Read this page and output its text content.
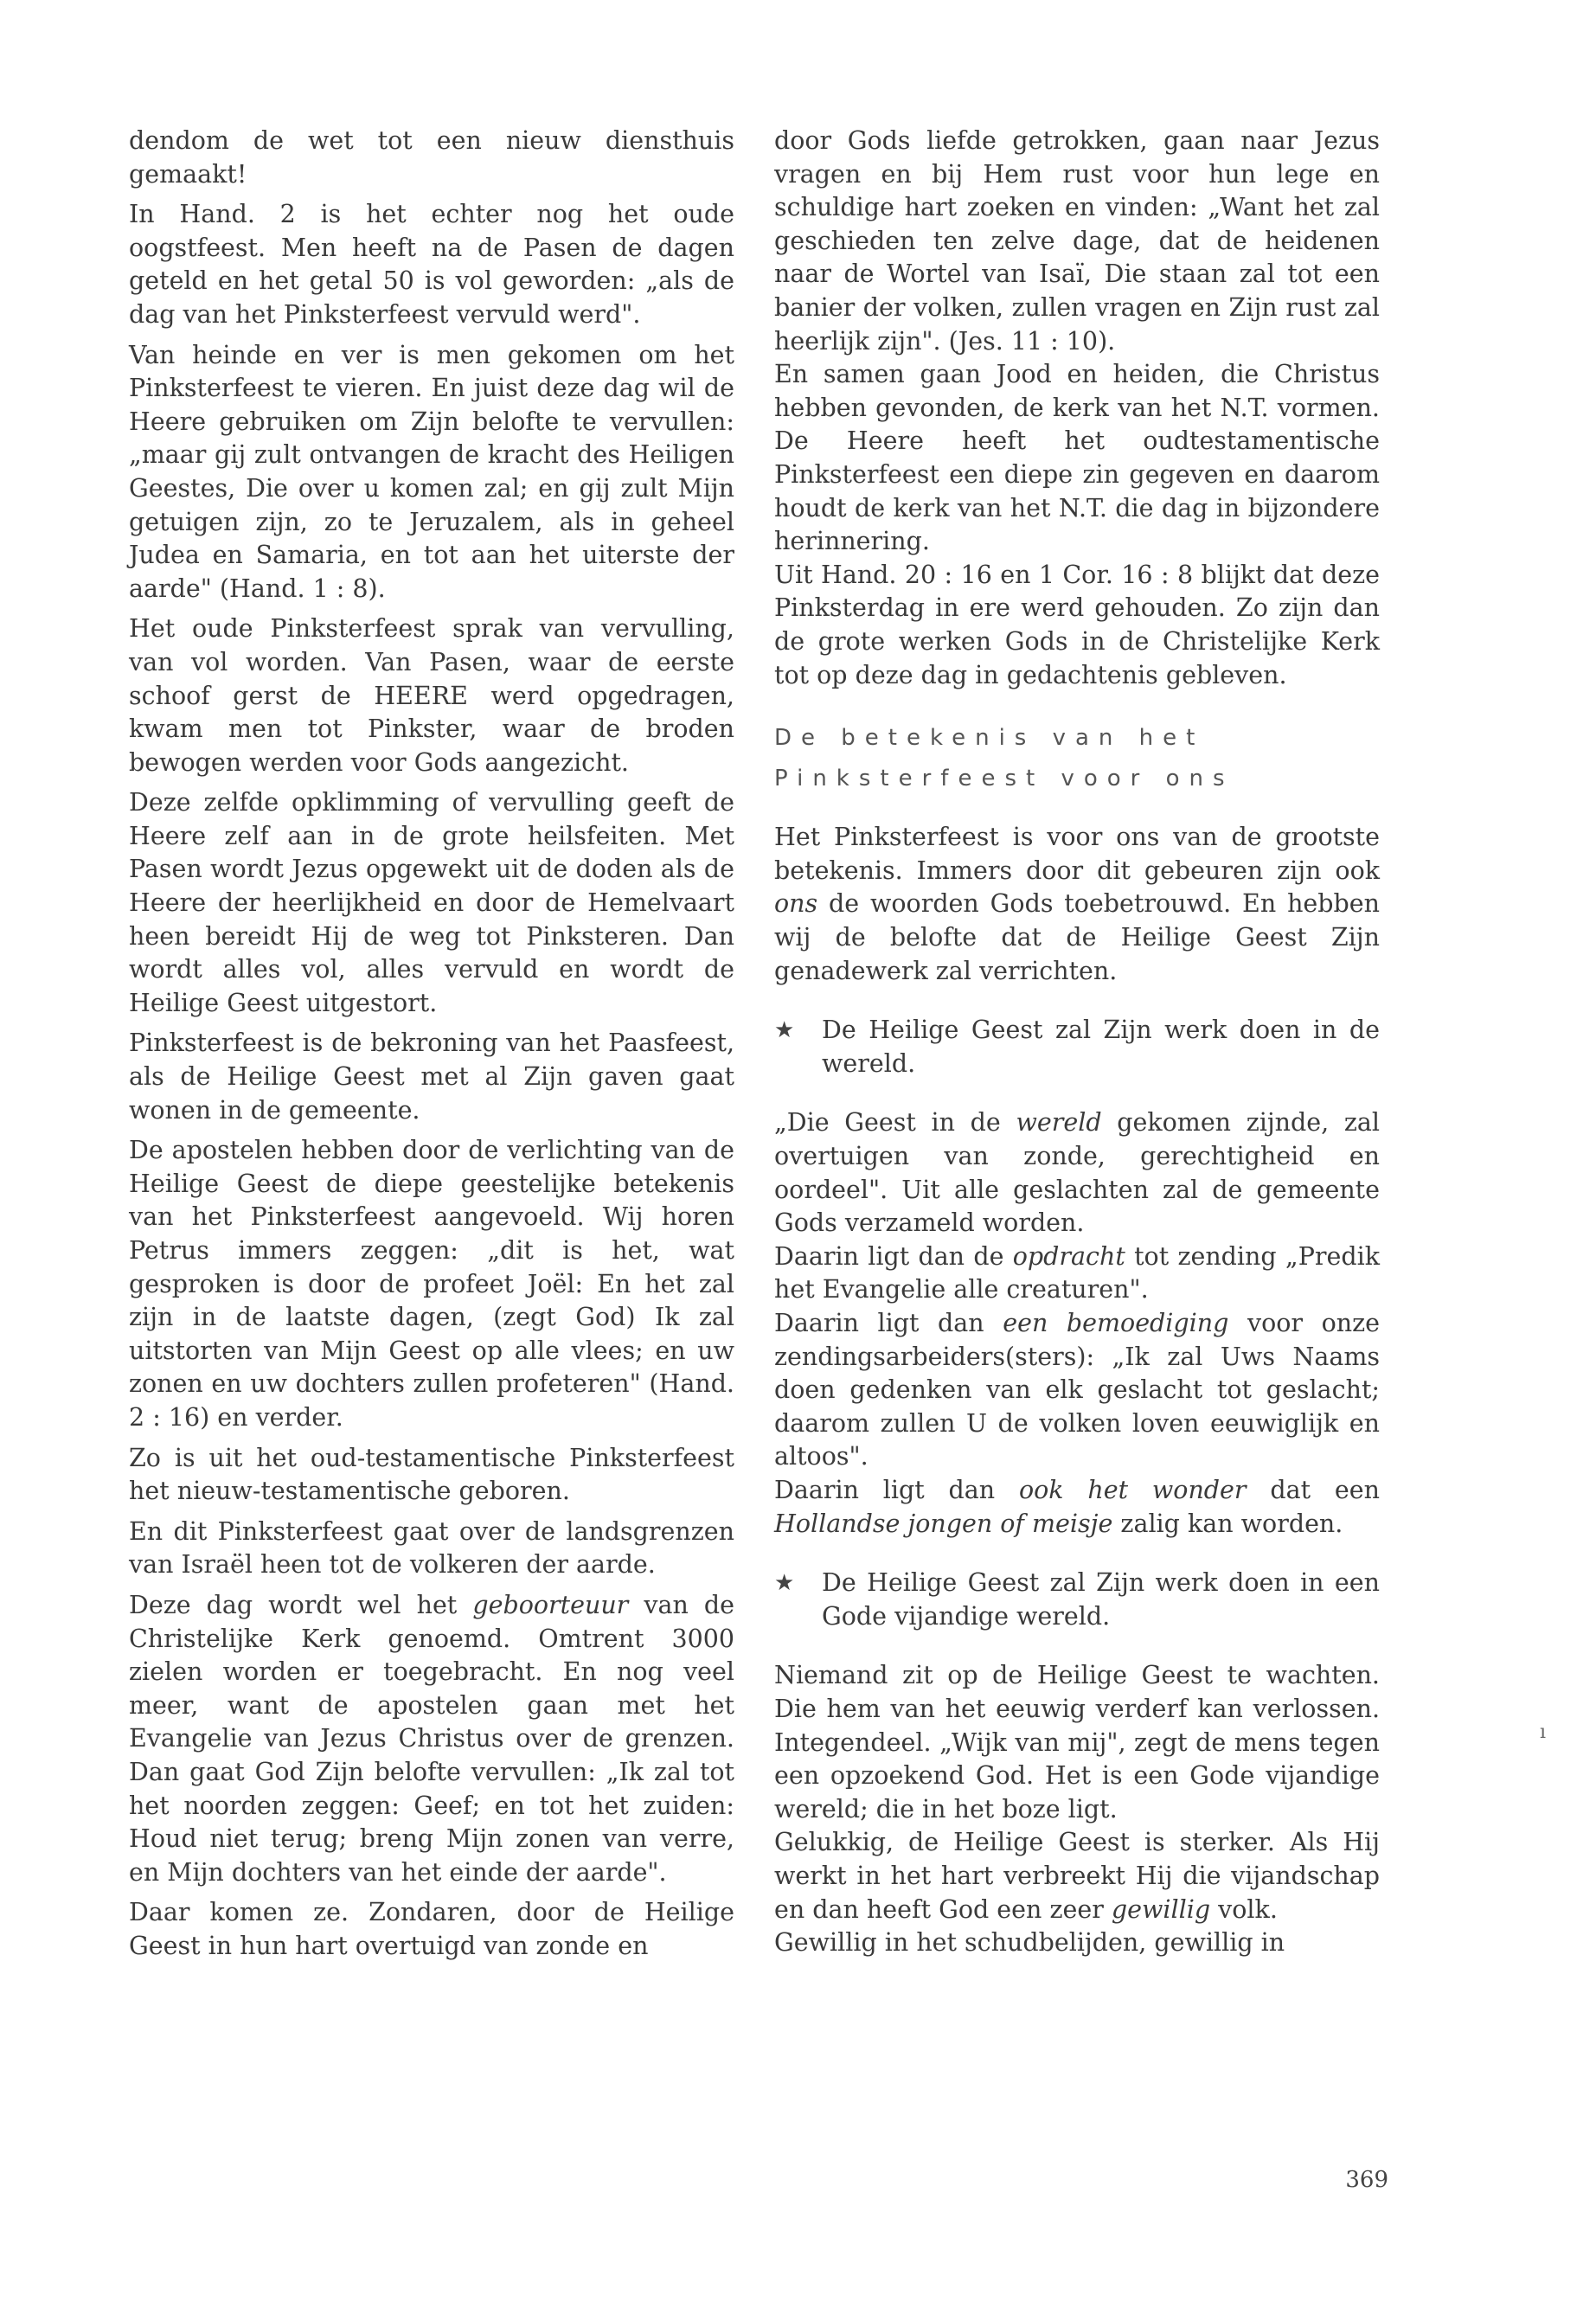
dendom de wet tot een nieuw diensthuis gemaakt!

In Hand. 2 is het echter nog het oude oogstfeest. Men heeft na de Pasen de dagen geteld en het getal 50 is vol geworden: „als de dag van het Pinksterfeest vervuld werd".

Van heinde en ver is men gekomen om het Pinksterfeest te vieren. En juist deze dag wil de Heere gebruiken om Zijn belofte te vervullen: „maar gij zult ontvangen de kracht des Heiligen Geestes, Die over u komen zal; en gij zult Mijn getuigen zijn, zo te Jeruzalem, als in geheel Judea en Samaria, en tot aan het uiterste der aarde" (Hand. 1 : 8).

Het oude Pinksterfeest sprak van vervulling, van vol worden. Van Pasen, waar de eerste schoof gerst de HEERE werd opgedragen, kwam men tot Pinkster, waar de broden bewogen werden voor Gods aangezicht.

Deze zelfde opklimming of vervulling geeft de Heere zelf aan in de grote heilsfeiten. Met Pasen wordt Jezus opgewekt uit de doden als de Heere der heerlijkheid en door de Hemelvaart heen bereidt Hij de weg tot Pinksteren. Dan wordt alles vol, alles vervuld en wordt de Heilige Geest uitgestort.

Pinksterfeest is de bekroning van het Paasfeest, als de Heilige Geest met al Zijn gaven gaat wonen in de gemeente.

De apostelen hebben door de verlichting van de Heilige Geest de diepe geestelijke betekenis van het Pinksterfeest aangevoeld. Wij horen Petrus immers zeggen: „dit is het, wat gesproken is door de profeet Joël: En het zal zijn in de laatste dagen, (zegt God) Ik zal uitstorten van Mijn Geest op alle vlees; en uw zonen en uw dochters zullen profeteren" (Hand. 2 : 16) en verder.

Zo is uit het oud-testamentische Pinksterfeest het nieuw-testamentische geboren.

En dit Pinksterfeest gaat over de landsgrenzen van Israël heen tot de volkeren der aarde.

Deze dag wordt wel het geboorteuur van de Christelijke Kerk genoemd. Omtrent 3000 zielen worden er toegebracht. En nog veel meer, want de apostelen gaan met het Evangelie van Jezus Christus over de grenzen. Dan gaat God Zijn belofte vervullen: „Ik zal tot het noorden zeggen: Geef; en tot het zuiden: Houd niet terug; breng Mijn zonen van verre, en Mijn dochters van het einde der aarde".

Daar komen ze. Zondaren, door de Heilige Geest in hun hart overtuigd van zonde en

door Gods liefde getrokken, gaan naar Jezus vragen en bij Hem rust voor hun lege en schuldige hart zoeken en vinden: „Want het zal geschieden ten zelve dage, dat de heidenen naar de Wortel van Isaï, Die staan zal tot een banier der volken, zullen vragen en Zijn rust zal heerlijk zijn". (Jes. 11 : 10).

En samen gaan Jood en heiden, die Christus hebben gevonden, de kerk van het N.T. vormen. De Heere heeft het oudtestamentische Pinksterfeest een diepe zin gegeven en daarom houdt de kerk van het N.T. die dag in bijzondere herinnering.

Uit Hand. 20 : 16 en 1 Cor. 16 : 8 blijkt dat deze Pinksterdag in ere werd gehouden. Zo zijn dan de grote werken Gods in de Christelijke Kerk tot op deze dag in gedachtenis gebleven.

De betekenis van het

Pinksterfeest voor ons

Het Pinksterfeest is voor ons van de grootste betekenis. Immers door dit gebeuren zijn ook ons de woorden Gods toebetrouwd. En hebben wij de belofte dat de Heilige Geest Zijn genadewerk zal verrichten.

★	De Heilige Geest zal Zijn werk doen in de wereld.

„Die Geest in de wereld gekomen zijnde, zal overtuigen van zonde, gerechtigheid en oordeel". Uit alle geslachten zal de gemeente Gods verzameld worden.

Daarin ligt dan de opdracht tot zending „Predik het Evangelie alle creaturen".

Daarin ligt dan een bemoediging voor onze zendingsarbeiders(sters): „Ik zal Uws Naams doen gedenken van elk geslacht tot geslacht; daarom zullen U de volken loven eeuwiglijk en altoos".

Daarin ligt dan ook het wonder dat een Hollandse jongen of meisje zalig kan worden.

★	De Heilige Geest zal Zijn werk doen in een Gode vijandige wereld.

Niemand zit op de Heilige Geest te wachten. Die hem van het eeuwig verderf kan verlossen. Integendeel. „Wijk van mij", zegt de mens tegen een opzoekend God. Het is een Gode vijandige wereld; die in het boze ligt.

Gelukkig, de Heilige Geest is sterker. Als Hij werkt in het hart verbreekt Hij die vijandschap en dan heeft God een zeer gewillig volk.

Gewillig in het schudbelijden, gewillig in

369
ı
